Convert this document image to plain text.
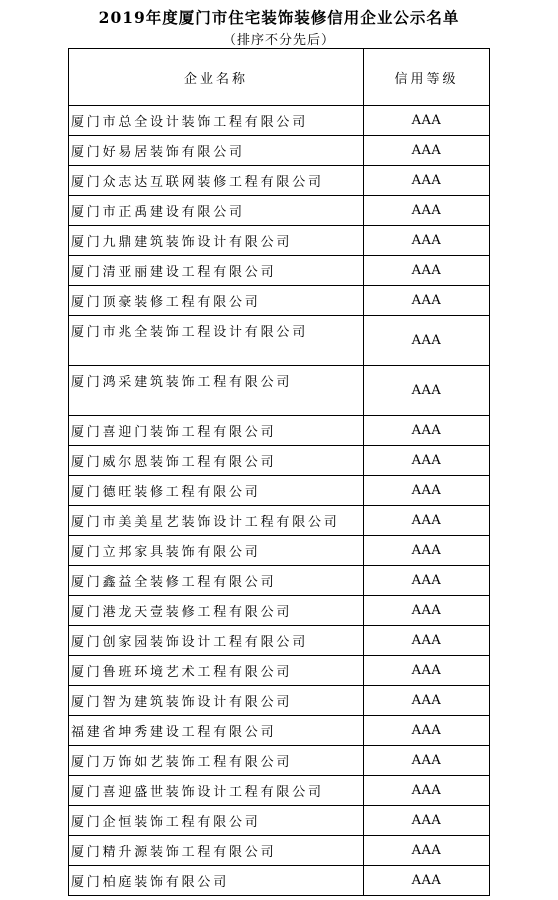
2019年度厦门市住宅装饰装修信用企业公示名单
（排序不分先后）
企业名称	信用等级
厦门市总全设计装饰工程有限公司	AAA
厦门好易居装饰有限公司	AAA
厦门众志达互联网装修工程有限公司	AAA
厦门市正禹建设有限公司	AAA
厦门九鼎建筑装饰设计有限公司	AAA
厦门清亚丽建设工程有限公司	AAA
厦门顶豪装修工程有限公司	AAA
厦门市兆全装饰工程设计有限公司	AAA
厦门鸿采建筑装饰工程有限公司	AAA
厦门喜迎门装饰工程有限公司	AAA
厦门威尔恩装饰工程有限公司	AAA
厦门德旺装修工程有限公司	AAA
厦门市美美星艺装饰设计工程有限公司	AAA
厦门立邦家具装饰有限公司	AAA
厦门鑫益全装修工程有限公司	AAA
厦门港龙天壹装修工程有限公司	AAA
厦门创家园装饰设计工程有限公司	AAA
厦门鲁班环境艺术工程有限公司	AAA
厦门智为建筑装饰设计有限公司	AAA
福建省坤秀建设工程有限公司	AAA
厦门万饰如艺装饰工程有限公司	AAA
厦门喜迎盛世装饰设计工程有限公司	AAA
厦门企恒装饰工程有限公司	AAA
厦门精升源装饰工程有限公司	AAA
厦门柏庭装饰有限公司	AAA
